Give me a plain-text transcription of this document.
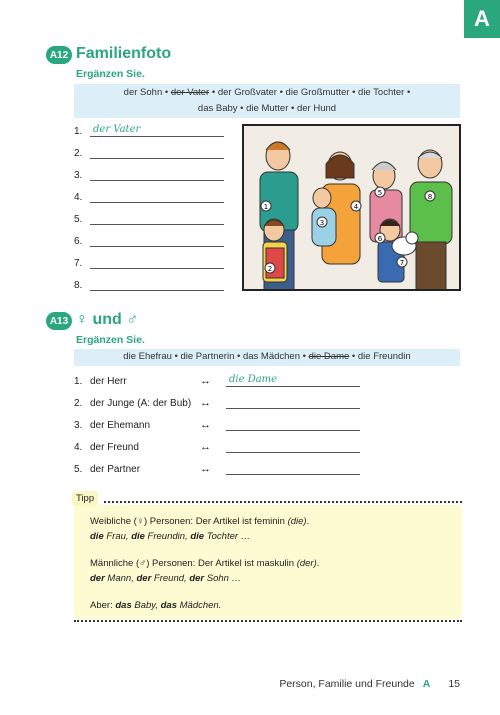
A
A12 Familienfoto
Ergänzen Sie.
der Sohn • der Vater • der Großvater • die Großmutter • die Tochter •
das Baby • die Mutter • der Hund
1.	der Vater
2.
3.
4.
5.
6.
7.
8.
1
2
3
4
5
6
7
8
A13 ♀ und ♂
Ergänzen Sie.
die Ehefrau • die Partnerin • das Mädchen • die Dame • die Freundin
1. der Herr	↔	die Dame
2. der Junge (A: der Bub) ↔
3. der Ehemann	↔
4. der Freund	↔
5. der Partner	↔
Tipp
Weibliche (♀) Personen: Der Artikel ist feminin (die).
die Frau, die Freundin, die Tochter …
Männliche (♂) Personen: Der Artikel ist maskulin (der).
der Mann, der Freund, der Sohn …
Aber: das Baby, das Mädchen.
Person, Familie und Freunde A 15
